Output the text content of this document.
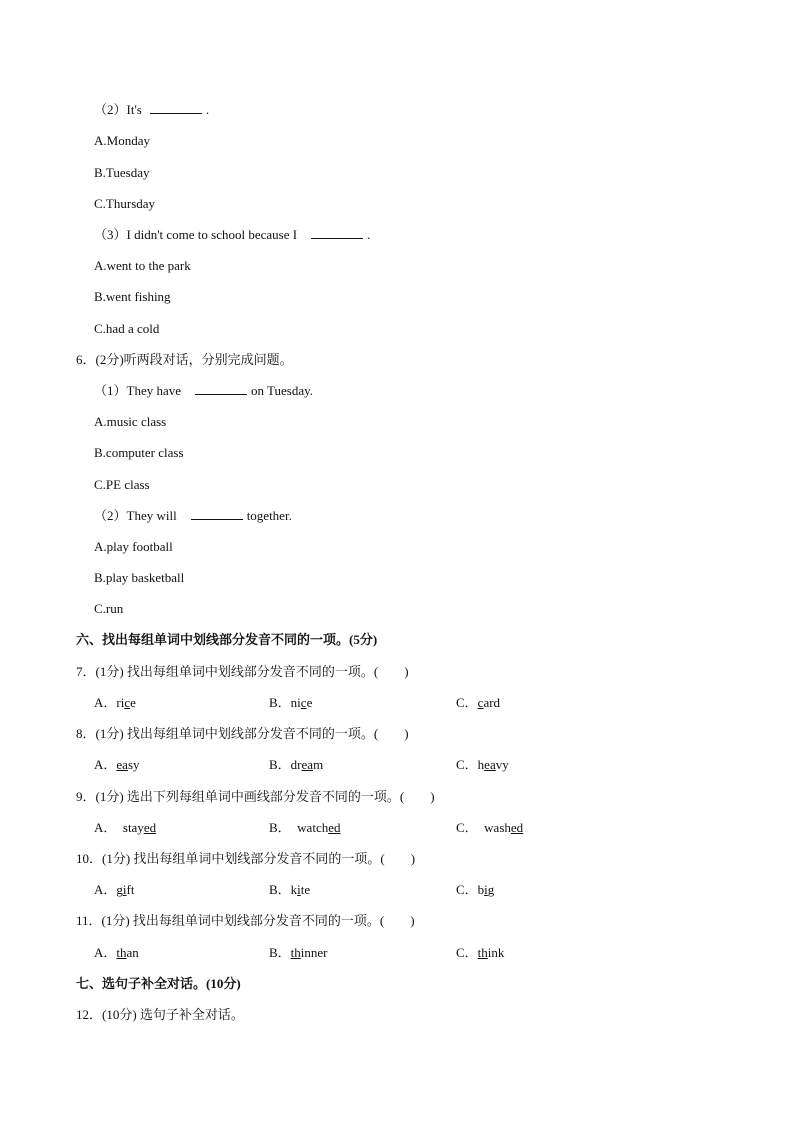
（2）It's	.
A.Monday
B.Tuesday
C.Thursday
（3）I didn't come to school because I	.
A.went to the park
B.went fishing
C.had a cold
6．(2分)听两段对话，分别完成问题。
（1）They have	on Tuesday.
A.music class
B.computer class
C.PE class
（2）They will	together.
A.play football
B.play basketball
C.run
六、找出每组单词中划线部分发音不同的一项。(5分)
7．(1分) 找出每组单词中划线部分发音不同的一项。(　　)
A．rice	B．nice	C．card
8．(1分) 找出每组单词中划线部分发音不同的一项。(　　)
A．easy	B．dream	C．heavy
9．(1分) 选出下列每组单词中画线部分发音不同的一项。(　　)
A．　stayed	B．　watched	C．　washed
10．(1分) 找出每组单词中划线部分发音不同的一项。(　　)
A．gift	B．kite	C．big
11．(1分) 找出每组单词中划线部分发音不同的一项。(　　)
A．than	B．thinner	C．think
七、选句子补全对话。(10分)
12．(10分) 选句子补全对话。
